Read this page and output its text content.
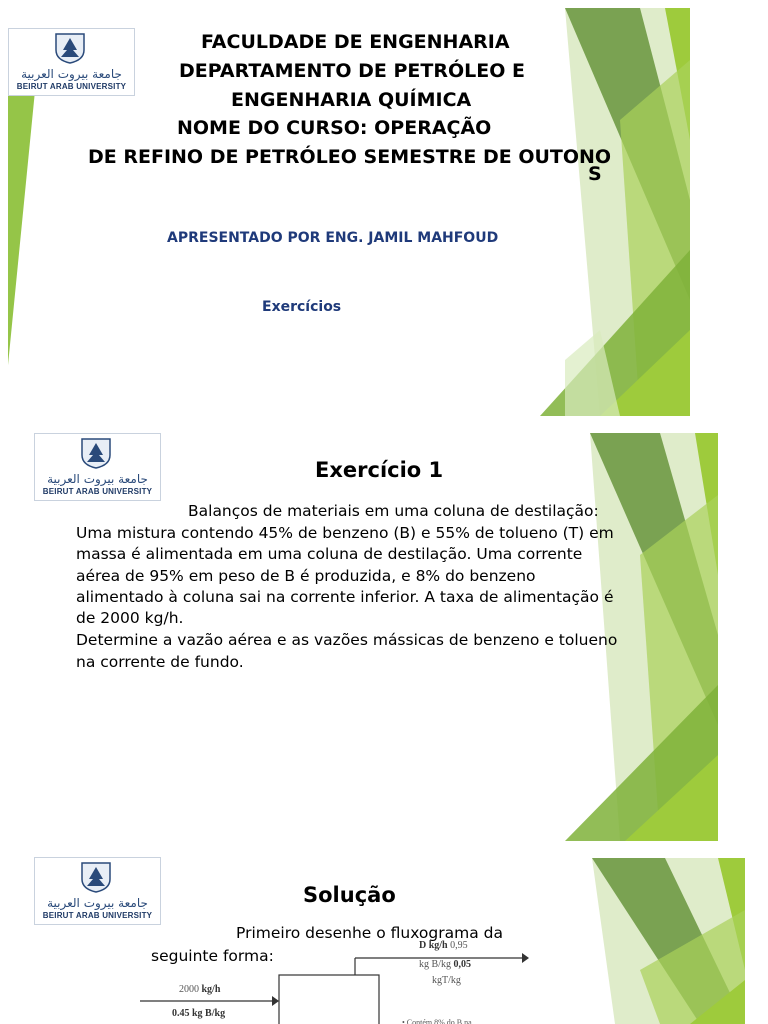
جامعة بيروت العربية
BEIRUT ARAB UNIVERSITY
FACULDADE DE ENGENHARIA
DEPARTAMENTO DE PETRÓLEO E
ENGENHARIA QUÍMICA
NOME DO CURSO: OPERAÇÃO
DE REFINO DE PETRÓLEO SEMESTRE DE OUTONO
S
APRESENTADO POR ENG. JAMIL MAHFOUD
Exercícios
جامعة بيروت العربية
BEIRUT ARAB UNIVERSITY
Exercício 1
Balanços de materiais em uma coluna de destilação:
Uma mistura contendo 45% de benzeno (B) e 55% de tolueno (T) em
massa é alimentada em uma coluna de destilação. Uma corrente
aérea de 95% em peso de B é produzida, e 8% do benzeno
alimentado à coluna sai na corrente inferior. A taxa de alimentação é
de 2000 kg/h.
Determine a vazão aérea e as vazões mássicas de benzeno e tolueno
na corrente de fundo.
جامعة بيروت العربية
BEIRUT ARAB UNIVERSITY
Solução
Primeiro desenhe o fluxograma da
seguinte forma:
D kg/h 0,95
kg B/kg 0,05
kgT/kg
2000 kg/h
0.45 kg B/kg
• Contém 8% do B na
